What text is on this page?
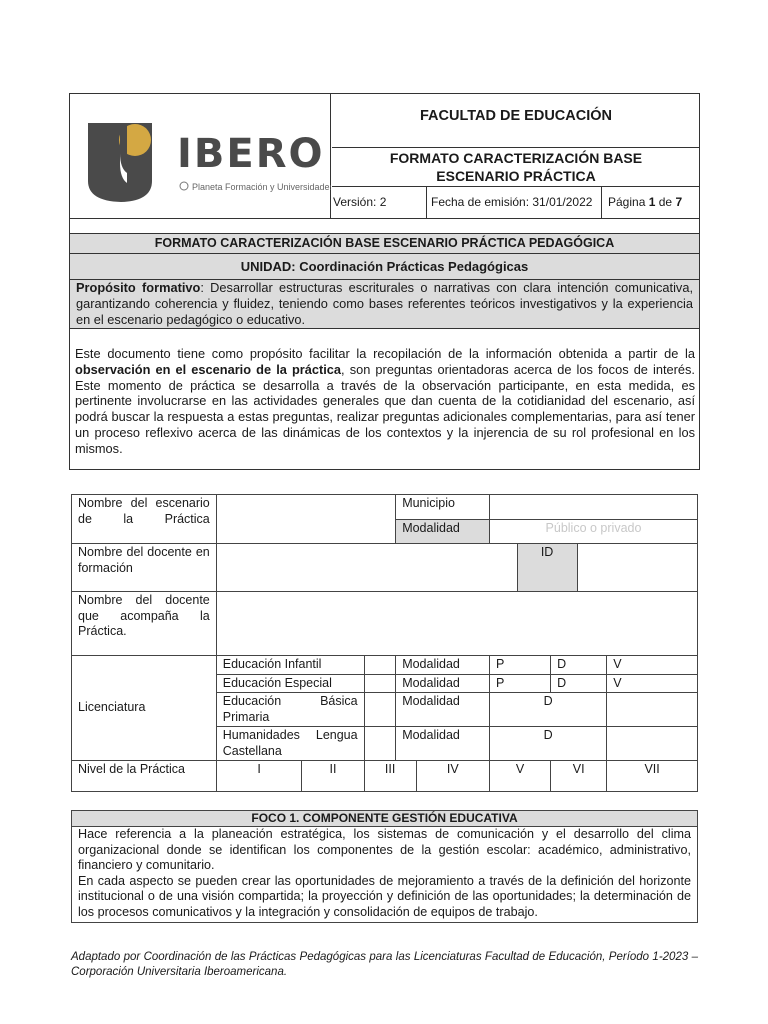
IBERO
Planeta Formación y Universidades
FACULTAD DE EDUCACIÓN
FORMATO CARACTERIZACIÓN BASE
ESCENARIO PRÁCTICA
Versión: 2	Fecha de emisión: 31/01/2022 Página 1 de 7
FORMATO CARACTERIZACIÓN BASE ESCENARIO PRÁCTICA PEDAGÓGICA
UNIDAD: Coordinación Prácticas Pedagógicas
Propósito formativo: Desarrollar estructuras escriturales o narrativas con clara intención comunicativa, garantizando coherencia y fluidez, teniendo como bases referentes teóricos investigativos y la experiencia en el escenario pedagógico o educativo.
Este documento tiene como propósito facilitar la recopilación de la información obtenida a partir de la observación en el escenario de la práctica, son preguntas orientadoras acerca de los focos de interés. Este momento de práctica se desarrolla a través de la observación participante, en esta medida, es pertinente involucrarse en las actividades generales que dan cuenta de la cotidianidad del escenario, así podrá buscar la respuesta a estas preguntas, realizar preguntas adicionales complementarias, para así tener un proceso reflexivo acerca de las dinámicas de los contextos y la injerencia de su rol profesional en los mismos.
Nombre del escenario de la Práctica				Municipio						
				Modalidad		Público o privado				
Nombre del docente en formación							ID			
Nombre del docente que acompaña la Práctica.										
Licenciatura	Educación Infantil			Modalidad		P		D		V
	Educación Especial			Modalidad		P		D		V
	Educación Básica Primaria			Modalidad		D				
	Humanidades Lengua Castellana			Modalidad		D				
Nivel de la Práctica	I	II	III		IV	V		VI		VII
FOCO 1. COMPONENTE GESTIÓN EDUCATIVA
Hace referencia a la planeación estratégica, los sistemas de comunicación y el desarrollo del clima organizacional donde se identifican los componentes de la gestión escolar: académico, administrativo, financiero y comunitario.
En cada aspecto se pueden crear las oportunidades de mejoramiento a través de la definición del horizonte institucional o de una visión compartida; la proyección y definición de las oportunidades; la determinación de los procesos comunicativos y la integración y consolidación de equipos de trabajo.
Adaptado por Coordinación de las Prácticas Pedagógicas para las Licenciaturas Facultad de Educación, Período 1-2023 – Corporación Universitaria Iberoamericana.
